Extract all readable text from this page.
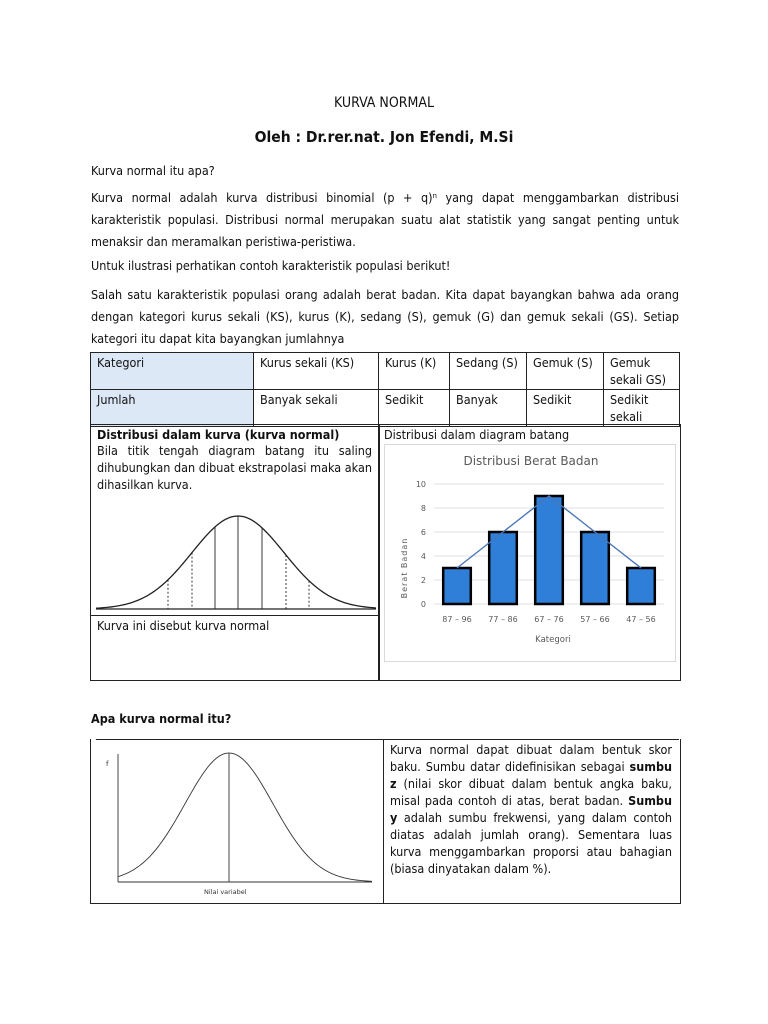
KURVA NORMAL
Oleh : Dr.rer.nat. Jon Efendi, M.Si
Kurva normal itu apa?
Kurva normal adalah kurva distribusi binomial (p + q)ⁿ yang dapat menggambarkan distribusi karakteristik populasi. Distribusi normal merupakan suatu alat statistik yang sangat penting untuk menaksir dan meramalkan peristiwa-peristiwa.
Untuk ilustrasi perhatikan contoh karakteristik populasi berikut!
Salah satu karakteristik populasi orang adalah berat badan. Kita dapat bayangkan bahwa ada orang dengan kategori kurus sekali (KS), kurus (K), sedang (S), gemuk (G) dan gemuk sekali (GS). Setiap kategori itu dapat kita bayangkan jumlahnya
Kategori	Kurus sekali (KS)	Kurus (K)	Sedang (S)	Gemuk (S)	Gemuk sekali GS)
Jumlah	Banyak sekali	Sedikit	Banyak	Sedikit	Sedikit sekali
Distribusi dalam kurva (kurva normal)
Bila titik tengah diagram batang itu saling dihubungkan dan dibuat ekstrapolasi maka akan dihasilkan kurva.
Kurva ini disebut kurva normal
Distribusi dalam diagram batang
Distribusi Berat Badan
Berat Badan
Kategori
0
2
4
6
8
10
87 – 96 77 – 86 67 – 76 57 – 66 47 – 56
Apa kurva normal itu?
f
Nilai variabel
Kurva normal dapat dibuat dalam bentuk skor baku. Sumbu datar didefinisikan sebagai sumbu z (nilai skor dibuat dalam bentuk angka baku, misal pada contoh di atas, berat badan. Sumbu y adalah sumbu frekwensi, yang dalam contoh diatas adalah jumlah orang). Sementara luas kurva menggambarkan proporsi atau bahagian (biasa dinyatakan dalam %).
